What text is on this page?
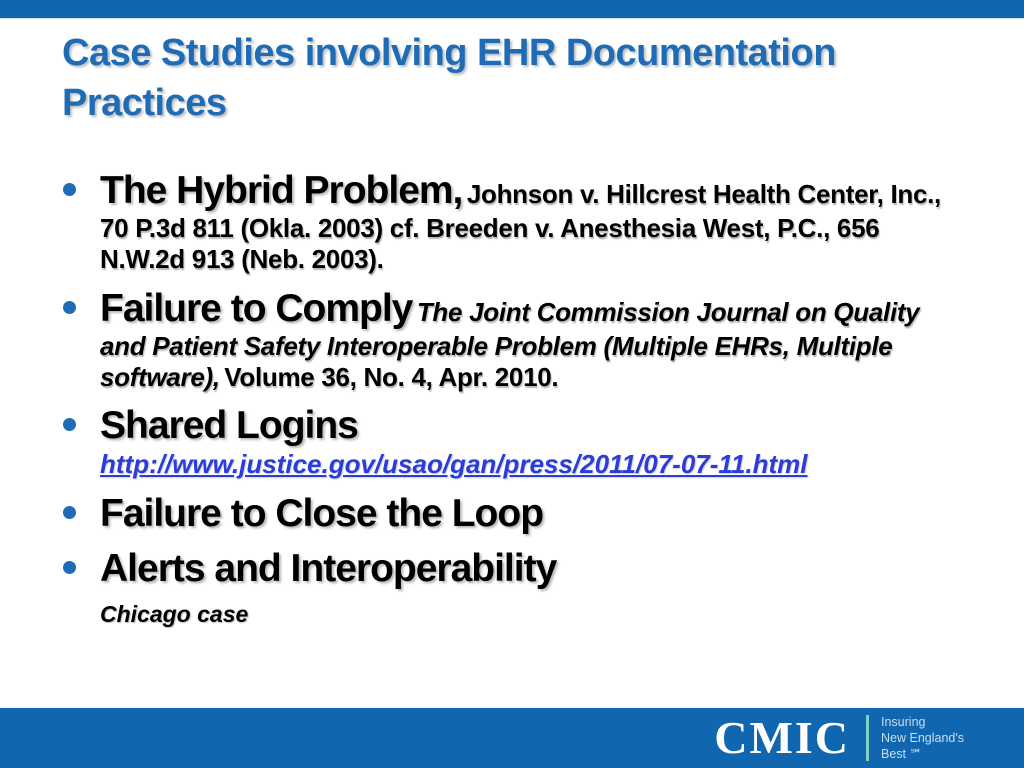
Case Studies involving EHR Documentation Practices
The Hybrid Problem, Johnson v. Hillcrest Health Center, Inc., 70 P.3d 811 (Okla. 2003) cf. Breeden v. Anesthesia West, P.C., 656 N.W.2d 913 (Neb. 2003).
Failure to Comply The Joint Commission Journal on Quality and Patient Safety Interoperable Problem (Multiple EHRs, Multiple software), Volume 36, No. 4, Apr. 2010.
Shared Logins
http://www.justice.gov/usao/gan/press/2011/07-07-11.html
Failure to Close the Loop
Alerts and Interoperability
Chicago case
CMIC Insuring
New England's
Best ℠
